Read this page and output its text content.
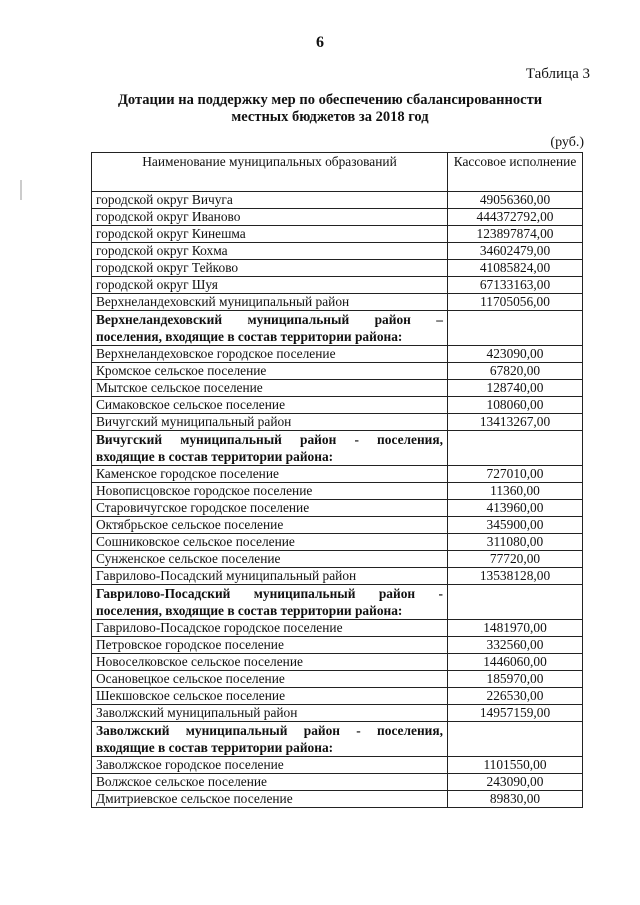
6
Таблица 3
Дотации на поддержку мер по обеспечению сбалансированности
местных бюджетов за 2018 год
(руб.)
Наименование муниципальных образований	Кассовое исполнение
городской округ Вичуга	49056360,00
городской округ Иваново	444372792,00
городской округ Кинешма	123897874,00
городской округ Кохма	34602479,00
городской округ Тейково	41085824,00
городской округ Шуя	67133163,00
Верхнеландеховский муниципальный район	11705056,00
Верхнеландеховский муниципальный район – поселения, входящие в состав территории района:	
Верхнеландеховское городское поселение	423090,00
Кромское сельское поселение	67820,00
Мытское сельское поселение	128740,00
Симаковское сельское поселение	108060,00
Вичугский муниципальный район	13413267,00
Вичугский муниципальный район - поселения, входящие в состав территории района:	
Каменское городское поселение	727010,00
Новописцовское городское поселение	11360,00
Старовичугское городское поселение	413960,00
Октябрьское сельское поселение	345900,00
Сошниковское сельское поселение	311080,00
Сунженское сельское поселение	77720,00
Гаврилово-Посадский муниципальный район	13538128,00
Гаврилово-Посадский муниципальный район - поселения, входящие в состав территории района:	
Гаврилово-Посадское городское поселение	1481970,00
Петровское городское поселение	332560,00
Новоселковское сельское поселение	1446060,00
Осановецкое сельское поселение	185970,00
Шекшовское сельское поселение	226530,00
Заволжский муниципальный район	14957159,00
Заволжский муниципальный район - поселения, входящие в состав территории района:	
Заволжское городское поселение	1101550,00
Волжское сельское поселение	243090,00
Дмитриевское сельское поселение	89830,00
